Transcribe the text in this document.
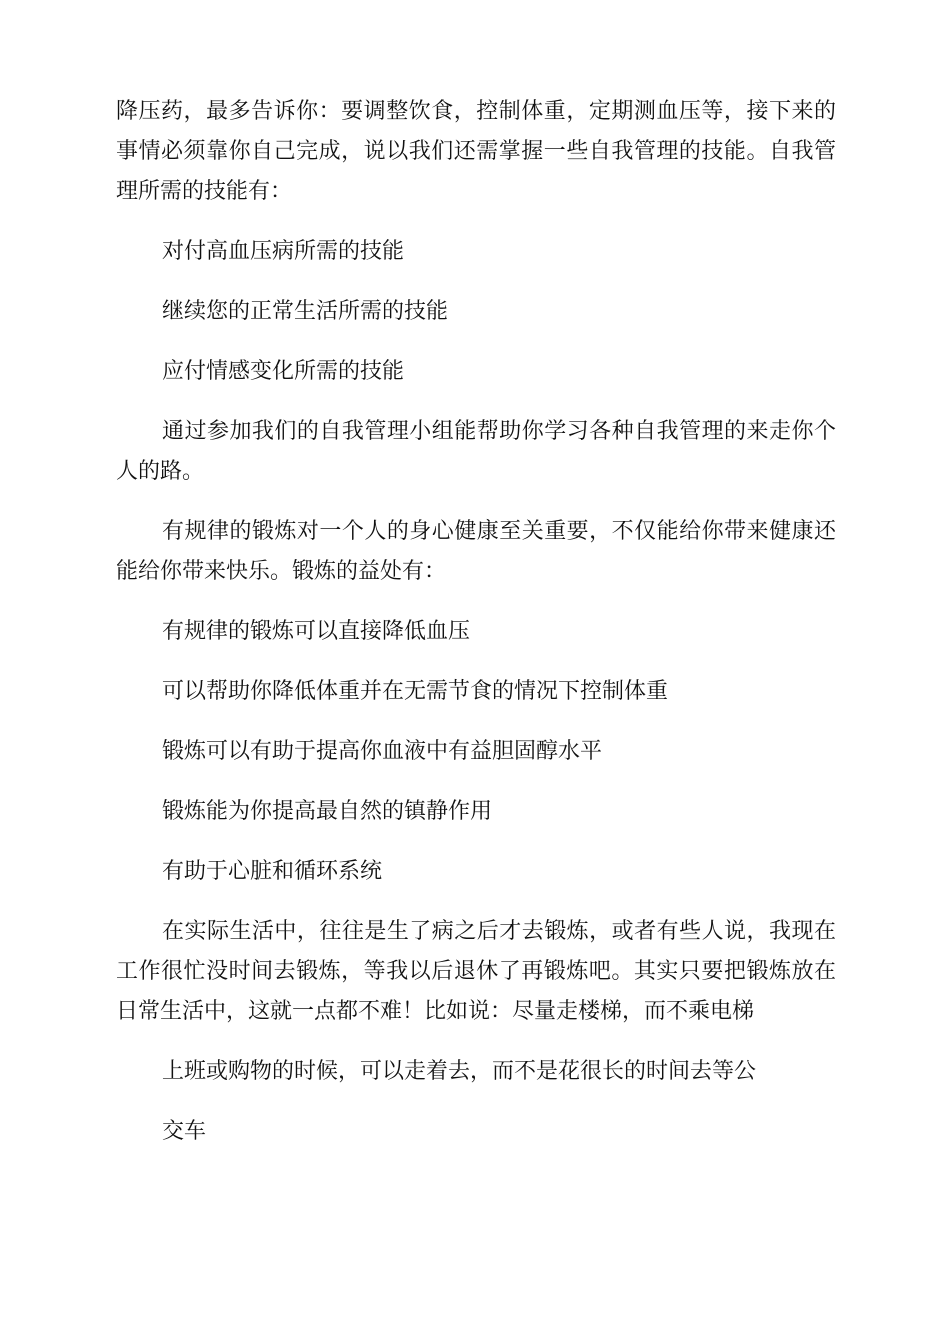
降压药，最多告诉你：要调整饮食，控制体重，定期测血压等，接下来的事情必须靠你自己完成，说以我们还需掌握一些自我管理的技能。自我管理所需的技能有：

对付高血压病所需的技能

继续您的正常生活所需的技能

应付情感变化所需的技能

通过参加我们的自我管理小组能帮助你学习各种自我管理的来走你个人的路。

有规律的锻炼对一个人的身心健康至关重要，不仅能给你带来健康还能给你带来快乐。锻炼的益处有：

有规律的锻炼可以直接降低血压

可以帮助你降低体重并在无需节食的情况下控制体重

锻炼可以有助于提高你血液中有益胆固醇水平

锻炼能为你提高最自然的镇静作用

有助于心脏和循环系统

在实际生活中，往往是生了病之后才去锻炼，或者有些人说，我现在工作很忙没时间去锻炼，等我以后退休了再锻炼吧。其实只要把锻炼放在日常生活中，这就一点都不难！比如说：尽量走楼梯，而不乘电梯

上班或购物的时候，可以走着去，而不是花很长的时间去等公

交车
